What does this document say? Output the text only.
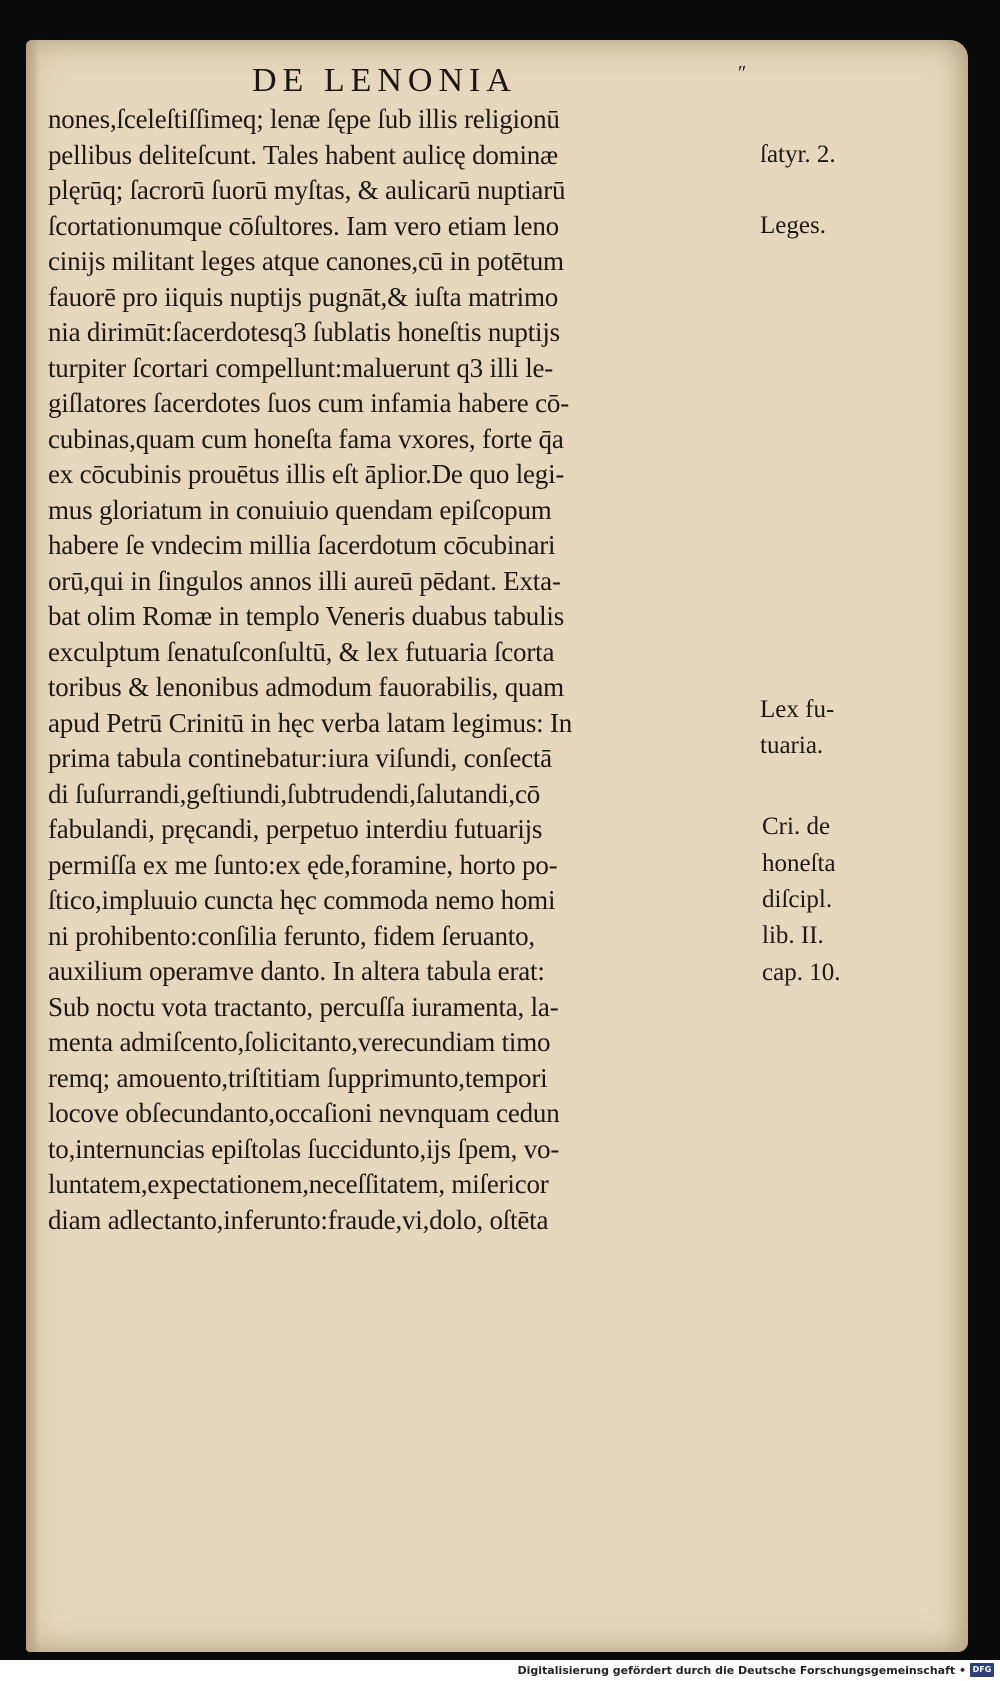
DE LENONIA	″
nones,ſceleſtiſſimeq; lenæ ſępe ſub illis religionū
pellibus deliteſcunt. Tales habent aulicę dominæ
plęrūq; ſacrorū ſuorū myſtas, & aulicarū nuptiarū
ſcortationumque cōſultores. Iam vero etiam leno
cinijs militant leges atque canones,cū in potētum
fauorē pro iiquis nuptijs pugnāt,& iuſta matrimo
nia dirimūt:ſacerdotesq3 ſublatis honeſtis nuptijs
turpiter ſcortari compellunt:maluerunt q3 illi le-
giſlatores ſacerdotes ſuos cum infamia habere cō-
cubinas,quam cum honeſta fama vxores, forte q̄a
ex cōcubinis prouētus illis eſt āplior.De quo legi-
mus gloriatum in conuiuio quendam epiſcopum
habere ſe vndecim millia ſacerdotum cōcubinari
orū,qui in ſingulos annos illi aureū pēdant. Exta-
bat olim Romæ in templo Veneris duabus tabulis
exculptum ſenatuſconſultū, & lex futuaria ſcorta
toribus & lenonibus admodum fauorabilis, quam
apud Petrū Crinitū in hęc verba latam legimus: In
prima tabula continebatur:iura viſundi, conſectā
di ſuſurrandi,geſtiundi,ſubtrudendi,ſalutandi,cō
fabulandi, pręcandi, perpetuo interdiu futuarijs
permiſſa ex me ſunto:ex ęde,foramine, horto po-
ſtico,impluuio cuncta hęc commoda nemo homi
ni prohibento:conſilia ferunto, fidem ſeruanto,
auxilium operamve danto. In altera tabula erat:
Sub noctu vota tractanto, percuſſa iuramenta, la-
menta admiſcento,ſolicitanto,verecundiam timo
remq; amouento,triſtitiam ſupprimunto,tempori
locove obſecundanto,occaſioni nevnquam cedun
to,internuncias epiſtolas ſuccidunto,ijs ſpem, vo-
luntatem,expectationem,neceſſitatem, miſericor
diam adlectanto,inferunto:fraude,vi,dolo, oſtēta
ſatyr. 2.
Leges.
Lex fu-
tuaria.
Cri. de
honeſta
diſcipl.
lib. II.
cap. 10.
Digitalisierung gefördert durch die Deutsche Forschungsgemeinschaft • DFG
